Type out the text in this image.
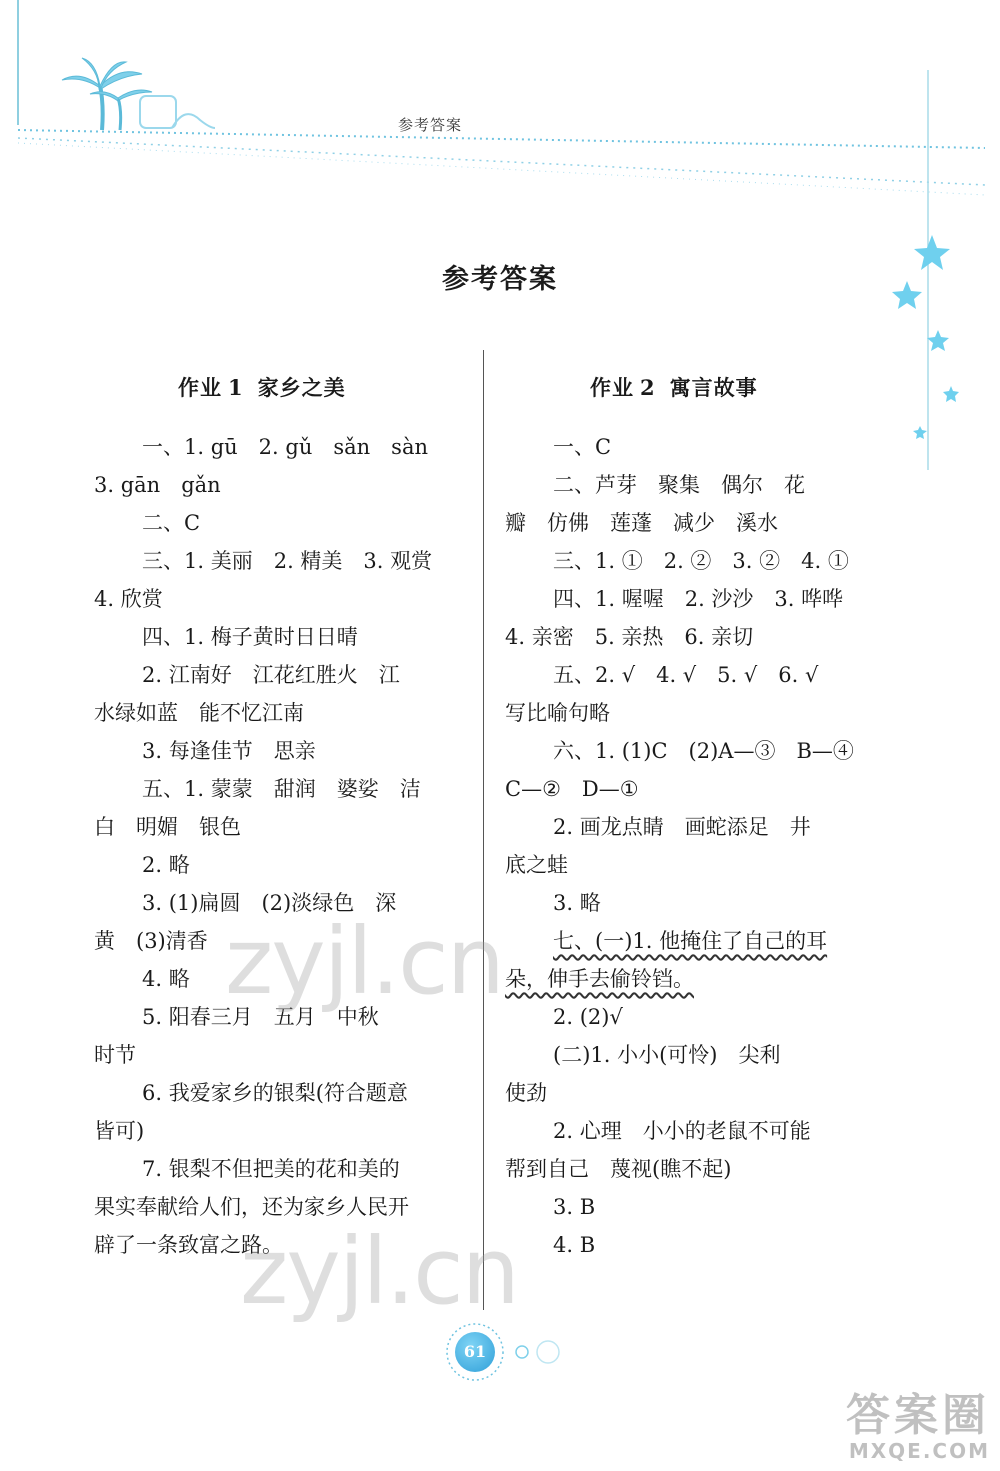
参考答案
参考答案
作业 1 家乡之美	作业 2 寓言故事

一、1. gū　2. gǔ　sǎn　sàn

3. gān　gǎn

二、C

三、1. 美丽　2. 精美　3. 观赏

4. 欣赏

四、1. 梅子黄时日日晴

2. 江南好　江花红胜火　江

水绿如蓝　能不忆江南

3. 每逢佳节　思亲

五、1. 蒙蒙　甜润　婆娑　洁

白　明媚　银色

2. 略

3. (1)扁圆　(2)淡绿色　深

黄　(3)清香

4. 略

5. 阳春三月　五月　中秋

时节

6. 我爱家乡的银梨(符合题意

皆可)

7. 银梨不但把美的花和美的

果实奉献给人们，还为家乡人民开

辟了一条致富之路。

一、C

二、芦芽　聚集　偶尔　花

瓣　仿佛　莲蓬　减少　溪水

三、1. ①　2. ②　3. ②　4. ①

四、1. 喔喔　2. 沙沙　3. 哗哗

4. 亲密　5. 亲热　6. 亲切

五、2. √　4. √　5. √　6. √

写比喻句略

六、1. (1)C　(2)A—③　B—④

C—②　D—①

2. 画龙点睛　画蛇添足　井

底之蛙

3. 略

七、(一)1. 他掩住了自己的耳

朵，伸手去偷铃铛。

2. (2)√

(二)1. 小小(可怜)　尖利

使劲

2. 心理　小小的老鼠不可能

帮到自己　蔑视(瞧不起)

3. B

4. B

zyjl.cn
zyjl.cn
61
答案圈
MXQE.COM
